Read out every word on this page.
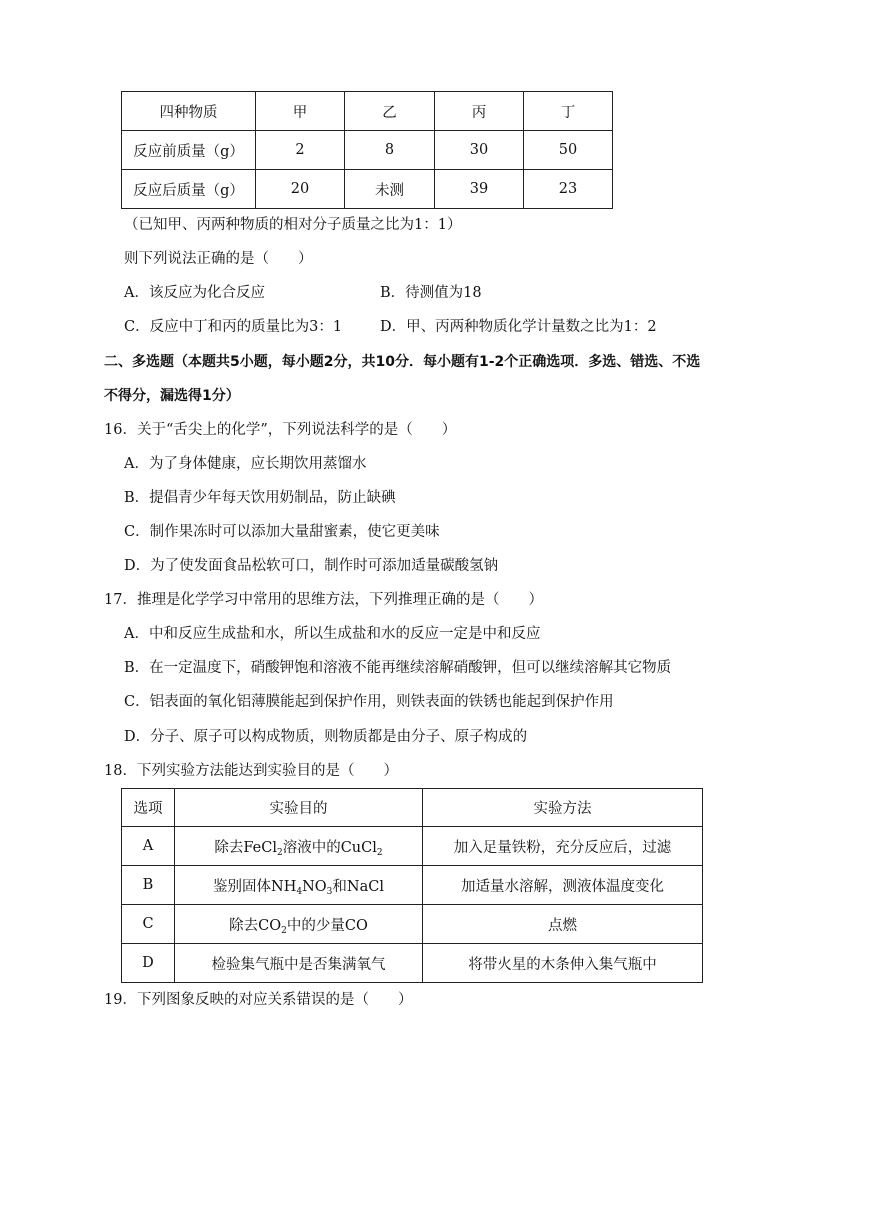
四种物质	甲	乙	丙	丁
反应前质量（g）	2	8	30	50
反应后质量（g）	20	未测	39	23
（已知甲、丙两种物质的相对分子质量之比为1：1）
则下列说法正确的是（　　）
A．该反应为化合反应	B．待测值为18
C．反应中丁和丙的质量比为3：1	D．甲、丙两种物质化学计量数之比为1：2
二、多选题（本题共5小题，每小题2分，共10分．每小题有1-2个正确选项．多选、错选、不选
不得分，漏选得1分）
16．关于“舌尖上的化学”，下列说法科学的是（　　）
A．为了身体健康，应长期饮用蒸馏水
B．提倡青少年每天饮用奶制品，防止缺碘
C．制作果冻时可以添加大量甜蜜素，使它更美味
D．为了使发面食品松软可口，制作时可添加适量碳酸氢钠
17．推理是化学学习中常用的思维方法，下列推理正确的是（　　）
A．中和反应生成盐和水，所以生成盐和水的反应一定是中和反应
B．在一定温度下，硝酸钾饱和溶液不能再继续溶解硝酸钾，但可以继续溶解其它物质
C．铝表面的氧化铝薄膜能起到保护作用，则铁表面的铁锈也能起到保护作用
D．分子、原子可以构成物质，则物质都是由分子、原子构成的
18．下列实验方法能达到实验目的是（　　）
选项	实验目的	实验方法
A	除去FeCl$_2$溶液中的CuCl$_2$	加入足量铁粉，充分反应后，过滤
B	鉴别固体$NH_4NO_3$和NaCl	加适量水溶解，测液体温度变化
C	除去$CO_2$中的少量CO	点燃
D	检验集气瓶中是否集满氧气	将带火星的木条伸入集气瓶中
19．下列图象反映的对应关系错误的是（　　）
